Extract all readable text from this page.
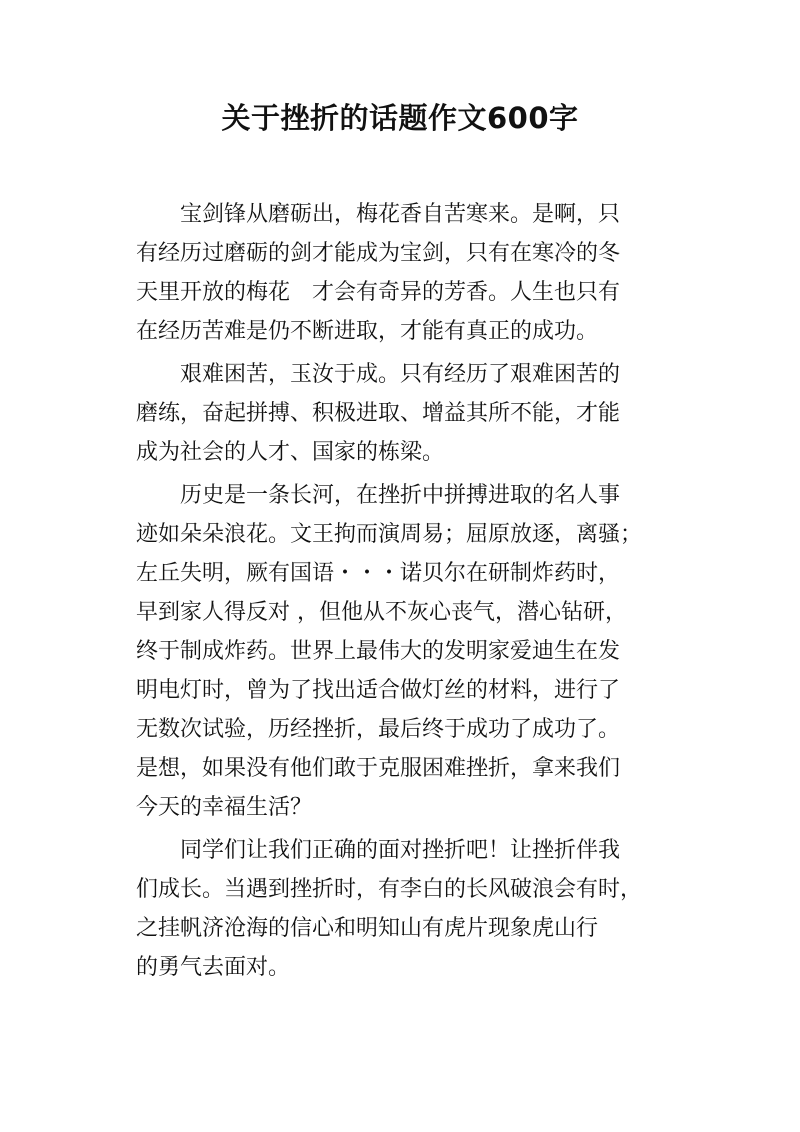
关于挫折的话题作文600字
宝剑锋从磨砺出，梅花香自苦寒来。是啊，只
有经历过磨砺的剑才能成为宝剑，只有在寒冷的冬
天里开放的梅花　才会有奇异的芳香。人生也只有
在经历苦难是仍不断进取，才能有真正的成功。
艰难困苦，玉汝于成。只有经历了艰难困苦的
磨练，奋起拼搏、积极进取、增益其所不能，才能
成为社会的人才、国家的栋梁。
历史是一条长河，在挫折中拼搏进取的名人事
迹如朵朵浪花。文王拘而演周易；屈原放逐，离骚；
左丘失明，厥有国语・・・诺贝尔在研制炸药时，
早到家人得反对 ，但他从不灰心丧气，潜心钻研，
终于制成炸药。世界上最伟大的发明家爱迪生在发
明电灯时，曾为了找出适合做灯丝的材料，进行了
无数次试验，历经挫折，最后终于成功了成功了。
是想，如果没有他们敢于克服困难挫折，拿来我们
今天的幸福生活？
同学们让我们正确的面对挫折吧！让挫折伴我
们成长。当遇到挫折时，有李白的长风破浪会有时，
之挂帆济沧海的信心和明知山有虎片现象虎山行
的勇气去面对。
